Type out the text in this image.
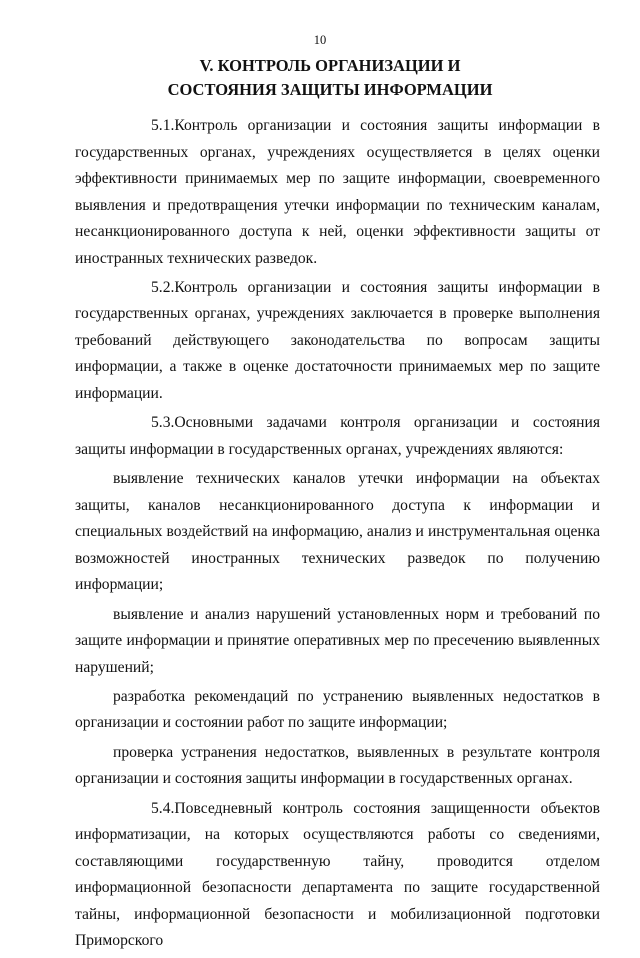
10
V. КОНТРОЛЬ ОРГАНИЗАЦИИ И
СОСТОЯНИЯ ЗАЩИТЫ ИНФОРМАЦИИ

5.1.Контроль организации и состояния защиты информации в государственных органах, учреждениях осуществляется в целях оценки эффективности принимаемых мер по защите информации, своевременного выявления и предотвращения утечки информации по техническим каналам, несанкционированного доступа к ней, оценки эффективности защиты от иностранных технических разведок.

5.2.Контроль организации и состояния защиты информации в государственных органах, учреждениях заключается в проверке выполнения требований действующего законодательства по вопросам защиты информации, а также в оценке достаточности принимаемых мер по защите информации.

5.3.Основными задачами контроля организации и состояния защиты информации в государственных органах, учреждениях являются:

выявление технических каналов утечки информации на объектах защиты, каналов несанкционированного доступа к информации и специальных воздействий на информацию, анализ и инструментальная оценка возможностей иностранных технических разведок по получению информации;

выявление и анализ нарушений установленных норм и требований по защите информации и принятие оперативных мер по пресечению выявленных нарушений;

разработка рекомендаций по устранению выявленных недостатков в организации и состоянии работ по защите информации;

проверка устранения недостатков, выявленных в результате контроля организации и состояния защиты информации в государственных органах.

5.4.Повседневный контроль состояния защищенности объектов информатизации, на которых осуществляются работы со сведениями, составляющими государственную тайну, проводится отделом информационной безопасности департамента по защите государственной тайны, информационной безопасности и мобилизационной подготовки Приморского
